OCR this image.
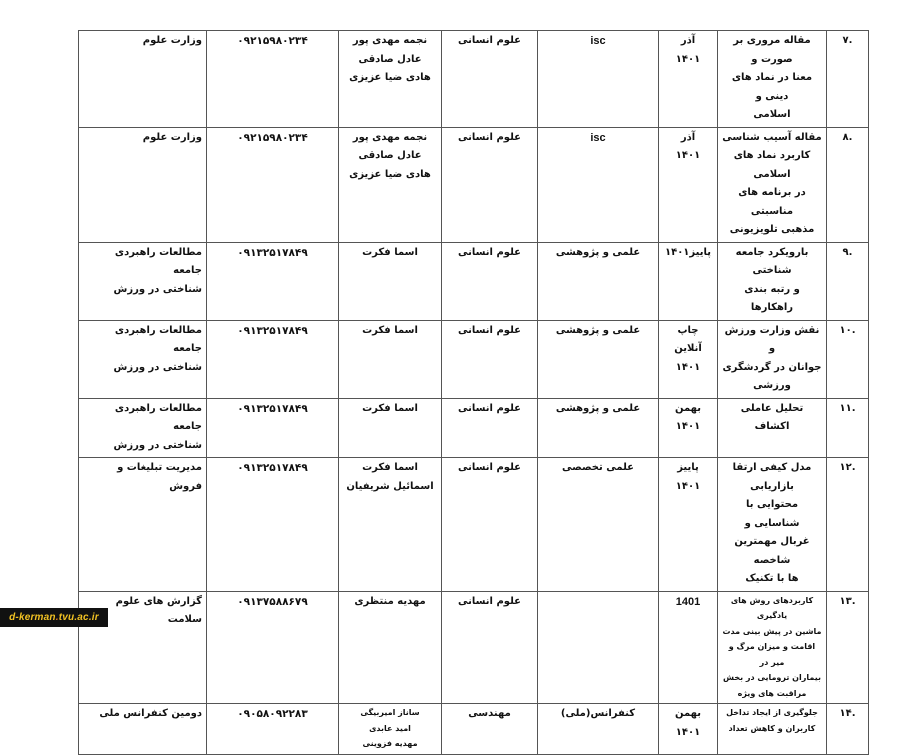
.۷	مقاله مروری بر صورت و
معنا در نماد های دینی و
اسلامی	آذر
۱۴۰۱	isc	علوم انسانی	نجمه مهدی پور
عادل صادقی
هادی ضیا عزیزی	۰۹۲۱۵۹۸۰۲۳۴	وزارت علوم

.۸	مقاله آسیب شناسی
کاربرد نماد های اسلامی
در برنامه های مناسبتی
مذهبی تلویزیونی	آذر
۱۴۰۱	isc	علوم انسانی	نجمه مهدی پور
عادل صادقی
هادی ضیا عزیزی	۰۹۲۱۵۹۸۰۲۳۴	وزارت علوم

.۹	بارویکرد جامعه شناختی
و رتبه بندی راهکارها	پاییز۱۴۰۱	علمی و پژوهشی	علوم انسانی	اسما فکرت	۰۹۱۳۲۵۱۷۸۴۹	مطالعات راهبردی جامعه
شناختی در ورزش

.۱۰	نقش وزارت ورزش و
جوانان در گردشگری
ورزشی	چاپ
آنلاین
۱۴۰۱	علمی و پژوهشی	علوم انسانی	اسما فکرت	۰۹۱۳۲۵۱۷۸۴۹	مطالعات راهبردی جامعه
شناختی در ورزش

.۱۱	تحلیل عاملی اکشاف	بهمن
۱۴۰۱	علمی و پژوهشی	علوم انسانی	اسما فکرت	۰۹۱۳۲۵۱۷۸۴۹	مطالعات راهبردی جامعه
شناختی در ورزش

.۱۲	مدل کیفی ارتقا بازاریابی
محتوایی با شناسایی و
غربال مهمترین شاخصه
ها با تکنیک	پاییز
۱۴۰۱	علمی تخصصی	علوم انسانی	اسما فکرت
اسمائیل شریفیان	۰۹۱۳۲۵۱۷۸۴۹	مدیریت تبلیغات و فروش

.۱۳	کاربردهای روش های یادگیری
ماشین در پیش بینی مدت
اقامت و میزان مرگ و میر در
بیماران ترومایی در بخش
مراقبت های ویژه	1401		علوم انسانی	مهدیه منتظری	۰۹۱۳۷۵۸۸۶۷۹	گزارش های علوم سلامت

.۱۴	جلوگیری از ایجاد تداخل
کاربران و کاهش تعداد	بهمن
۱۴۰۱	کنفرانس(ملی)	مهندسی	ساناز امیربیگی
امید عابدی
مهدیه فزوینی	۰۹۰۵۸۰۹۲۲۸۳	دومین کنفرانس ملی
d-kerman . tvu.ac.ir
